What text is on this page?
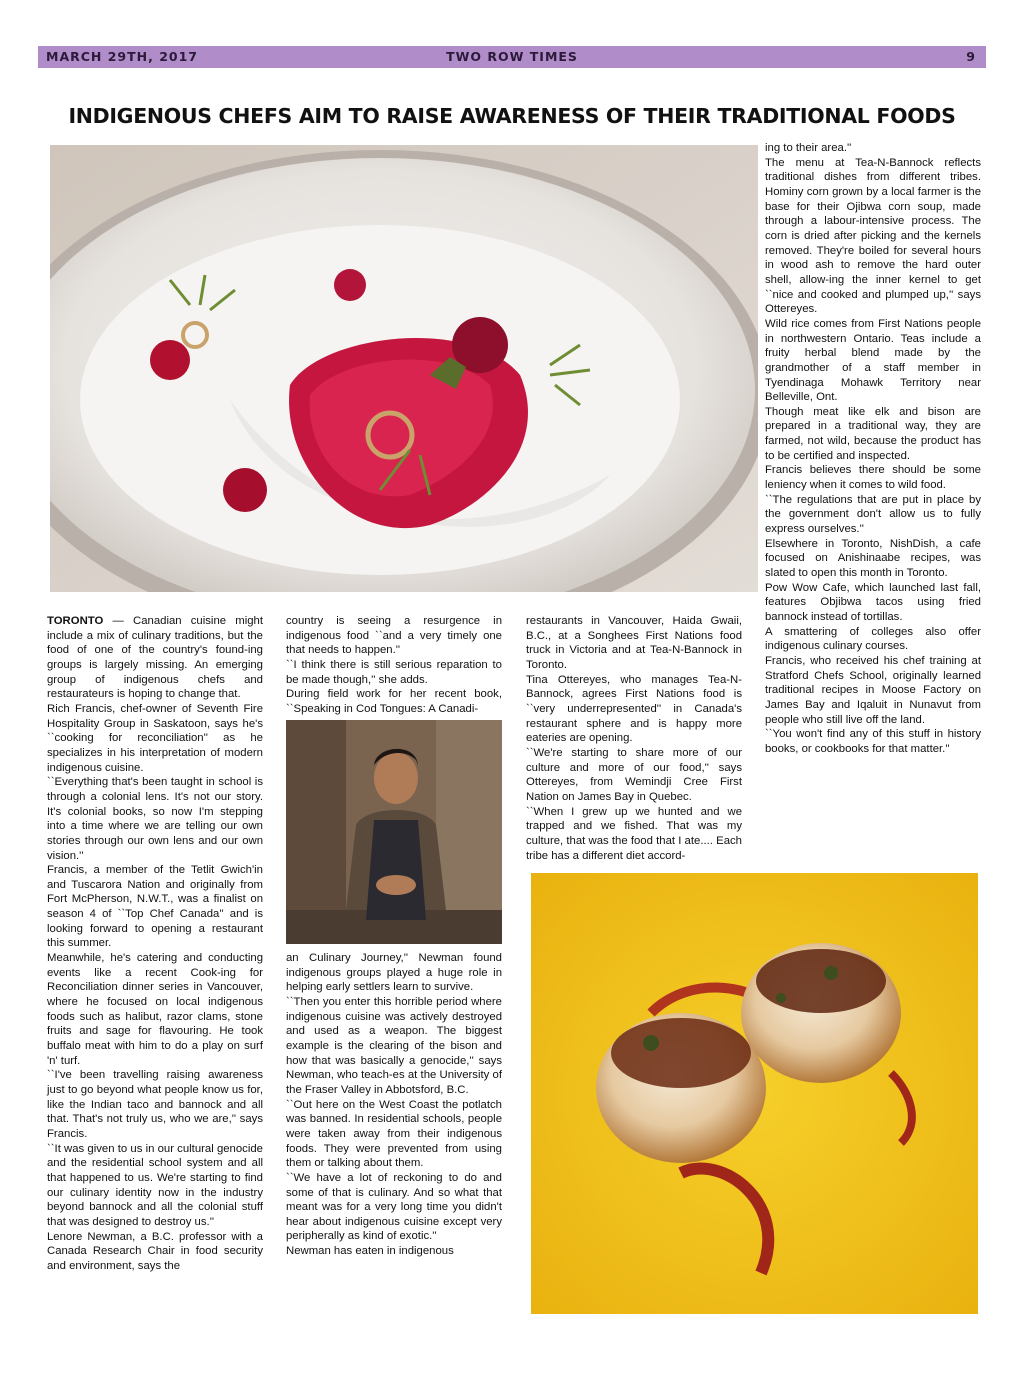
TWO ROW TIMES
MARCH 29TH, 2017	9
INDIGENOUS CHEFS AIM TO RAISE AWARENESS OF THEIR TRADITIONAL FOODS

TORONTO — Canadian cuisine might include a mix of culinary traditions, but the food of one of the country's found-ing groups is largely missing. An emerging group of indigenous chefs and restaurateurs is hoping to change that.

Rich Francis, chef-owner of Seventh Fire Hospitality Group in Saskatoon, says he's ``cooking for reconciliation'' as he specializes in his interpretation of modern indigenous cuisine.

``Everything that's been taught in school is through a colonial lens. It's not our story. It's colonial books, so now I'm stepping into a time where we are telling our own stories through our own lens and our own vision.''

Francis, a member of the Tetlit Gwich'in and Tuscarora Nation and originally from Fort McPherson, N.W.T., was a finalist on season 4 of ``Top Chef Canada'' and is looking forward to opening a restaurant this summer.

Meanwhile, he's catering and conducting events like a recent Cook-ing for Reconciliation dinner series in Vancouver, where he focused on local indigenous foods such as halibut, razor clams, stone fruits and sage for flavouring. He took buffalo meat with him to do a play on surf 'n' turf.

``I've been travelling raising awareness just to go beyond what people know us for, like the Indian taco and bannock and all that. That's not truly us, who we are,'' says Francis.

``It was given to us in our cultural genocide and the residential school system and all that happened to us. We're starting to find our culinary identity now in the industry beyond bannock and all the colonial stuff that was designed to destroy us.''

Lenore Newman, a B.C. professor with a Canada Research Chair in food security and environment, says the

country is seeing a resurgence in indigenous food ``and a very timely one that needs to happen.''

``I think there is still serious reparation to be made though,'' she adds.

During field work for her recent book, ``Speaking in Cod Tongues: A Canadi-

an Culinary Journey,'' Newman found indigenous groups played a huge role in helping early settlers learn to survive.

``Then you enter this horrible period where indigenous cuisine was actively destroyed and used as a weapon. The biggest example is the clearing of the bison and how that was basically a genocide,'' says Newman, who teach-es at the University of the Fraser Valley in Abbotsford, B.C.

``Out here on the West Coast the potlatch was banned. In residential schools, people were taken away from their indigenous foods. They were prevented from using them or talking about them.

``We have a lot of reckoning to do and some of that is culinary. And so what that meant was for a very long time you didn't hear about indigenous cuisine except very peripherally as kind of exotic.''

Newman has eaten in indigenous

restaurants in Vancouver, Haida Gwaii, B.C., at a Songhees First Nations food truck in Victoria and at Tea-N-Bannock in Toronto.

Tina Ottereyes, who manages Tea-N-Bannock, agrees First Nations food is ``very underrepresented'' in Canada's restaurant sphere and is happy more eateries are opening.

``We're starting to share more of our culture and more of our food,'' says Ottereyes, from Wemindji Cree First Nation on James Bay in Quebec.

``When I grew up we hunted and we trapped and we fished. That was my culture, that was the food that I ate.... Each tribe has a different diet accord-

ing to their area.''

The menu at Tea-N-Bannock reflects traditional dishes from different tribes. Hominy corn grown by a local farmer is the base for their Ojibwa corn soup, made through a labour-intensive process. The corn is dried after picking and the kernels removed. They're boiled for several hours in wood ash to remove the hard outer shell, allow-ing the inner kernel to get ``nice and cooked and plumped up,'' says Ottereyes.

Wild rice comes from First Nations people in northwestern Ontario. Teas include a fruity herbal blend made by the grandmother of a staff member in Tyendinaga Mohawk Territory near Belleville, Ont.

Though meat like elk and bison are prepared in a traditional way, they are farmed, not wild, because the product has to be certified and inspected.

Francis believes there should be some leniency when it comes to wild food.

``The regulations that are put in place by the government don't allow us to fully express ourselves.''

Elsewhere in Toronto, NishDish, a cafe focused on Anishinaabe recipes, was slated to open this month in Toronto.

Pow Wow Cafe, which launched last fall, features Objibwa tacos using fried bannock instead of tortillas.

A smattering of colleges also offer indigenous culinary courses.

Francis, who received his chef training at Stratford Chefs School, originally learned traditional recipes in Moose Factory on James Bay and Iqaluit in Nunavut from people who still live off the land.

``You won't find any of this stuff in history books, or cookbooks for that matter.''
